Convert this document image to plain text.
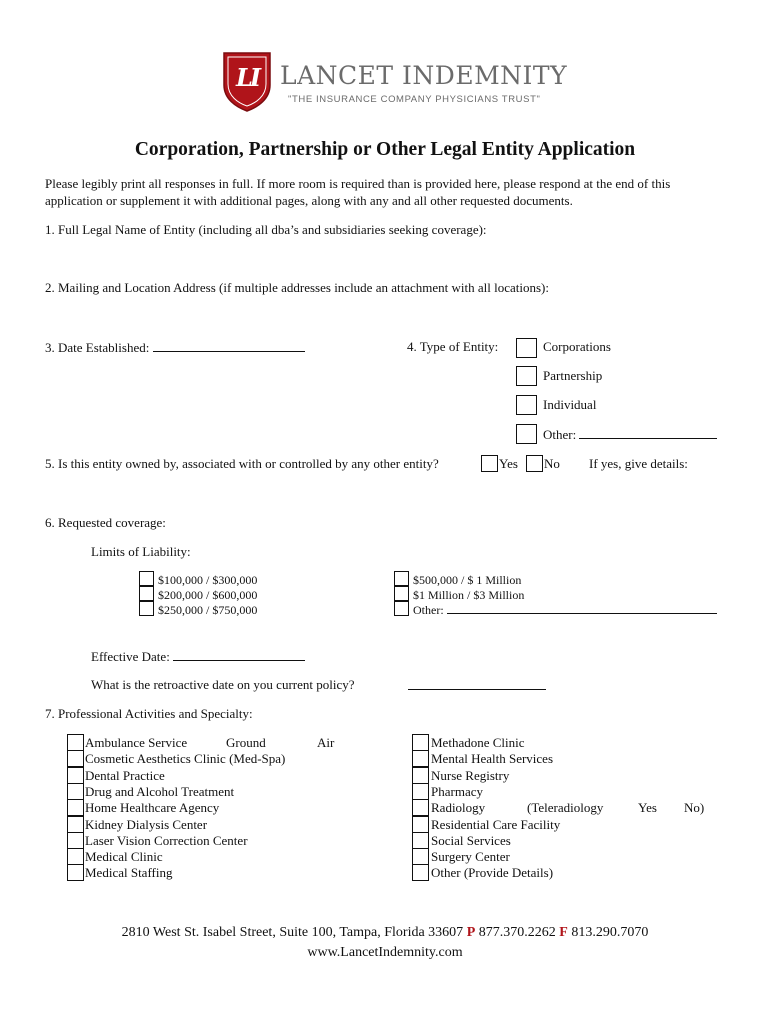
LI LANCET INDEMNITY
"THE INSURANCE COMPANY PHYSICIANS TRUST"
Corporation, Partnership or Other Legal Entity Application
Please legibly print all responses in full. If more room is required than is provided here, please respond at the end of this
application or supplement it with additional pages, along with any and all other requested documents.
1. Full Legal Name of Entity (including all dba’s and subsidiaries seeking coverage):
2. Mailing and Location Address (if multiple addresses include an attachment with all locations):
3. Date Established:	4. Type of Entity:	Corporations
Partnership
Individual
Other:
5. Is this entity owned by, associated with or controlled by any other entity?	Yes No If yes, give details:
6. Requested coverage:
Limits of Liability:
$100,000 / $300,000
$200,000 / $600,000
$250,000 / $750,000
$500,000 / $ 1 Million
$1 Million / $3 Million
Other:
Effective Date:
What is the retroactive date on you current policy?
7. Professional Activities and Specialty:
Ambulance Service
Cosmetic Aesthetics Clinic (Med-Spa)
Dental Practice
Drug and Alcohol Treatment
Home Healthcare Agency
Kidney Dialysis Center
Laser Vision Correction Center
Medical Clinic
Medical Staffing
Ground	Air	Methadone Clinic
Mental Health Services
Nurse Registry
Pharmacy
Radiology
Residential Care Facility
Social Services
Surgery Center
Other (Provide Details)
(Teleradiology	Yes No)
2810 West St. Isabel Street, Suite 100, Tampa, Florida 33607 P 877.370.2262 F 813.290.7070
www.LancetIndemnity.com
